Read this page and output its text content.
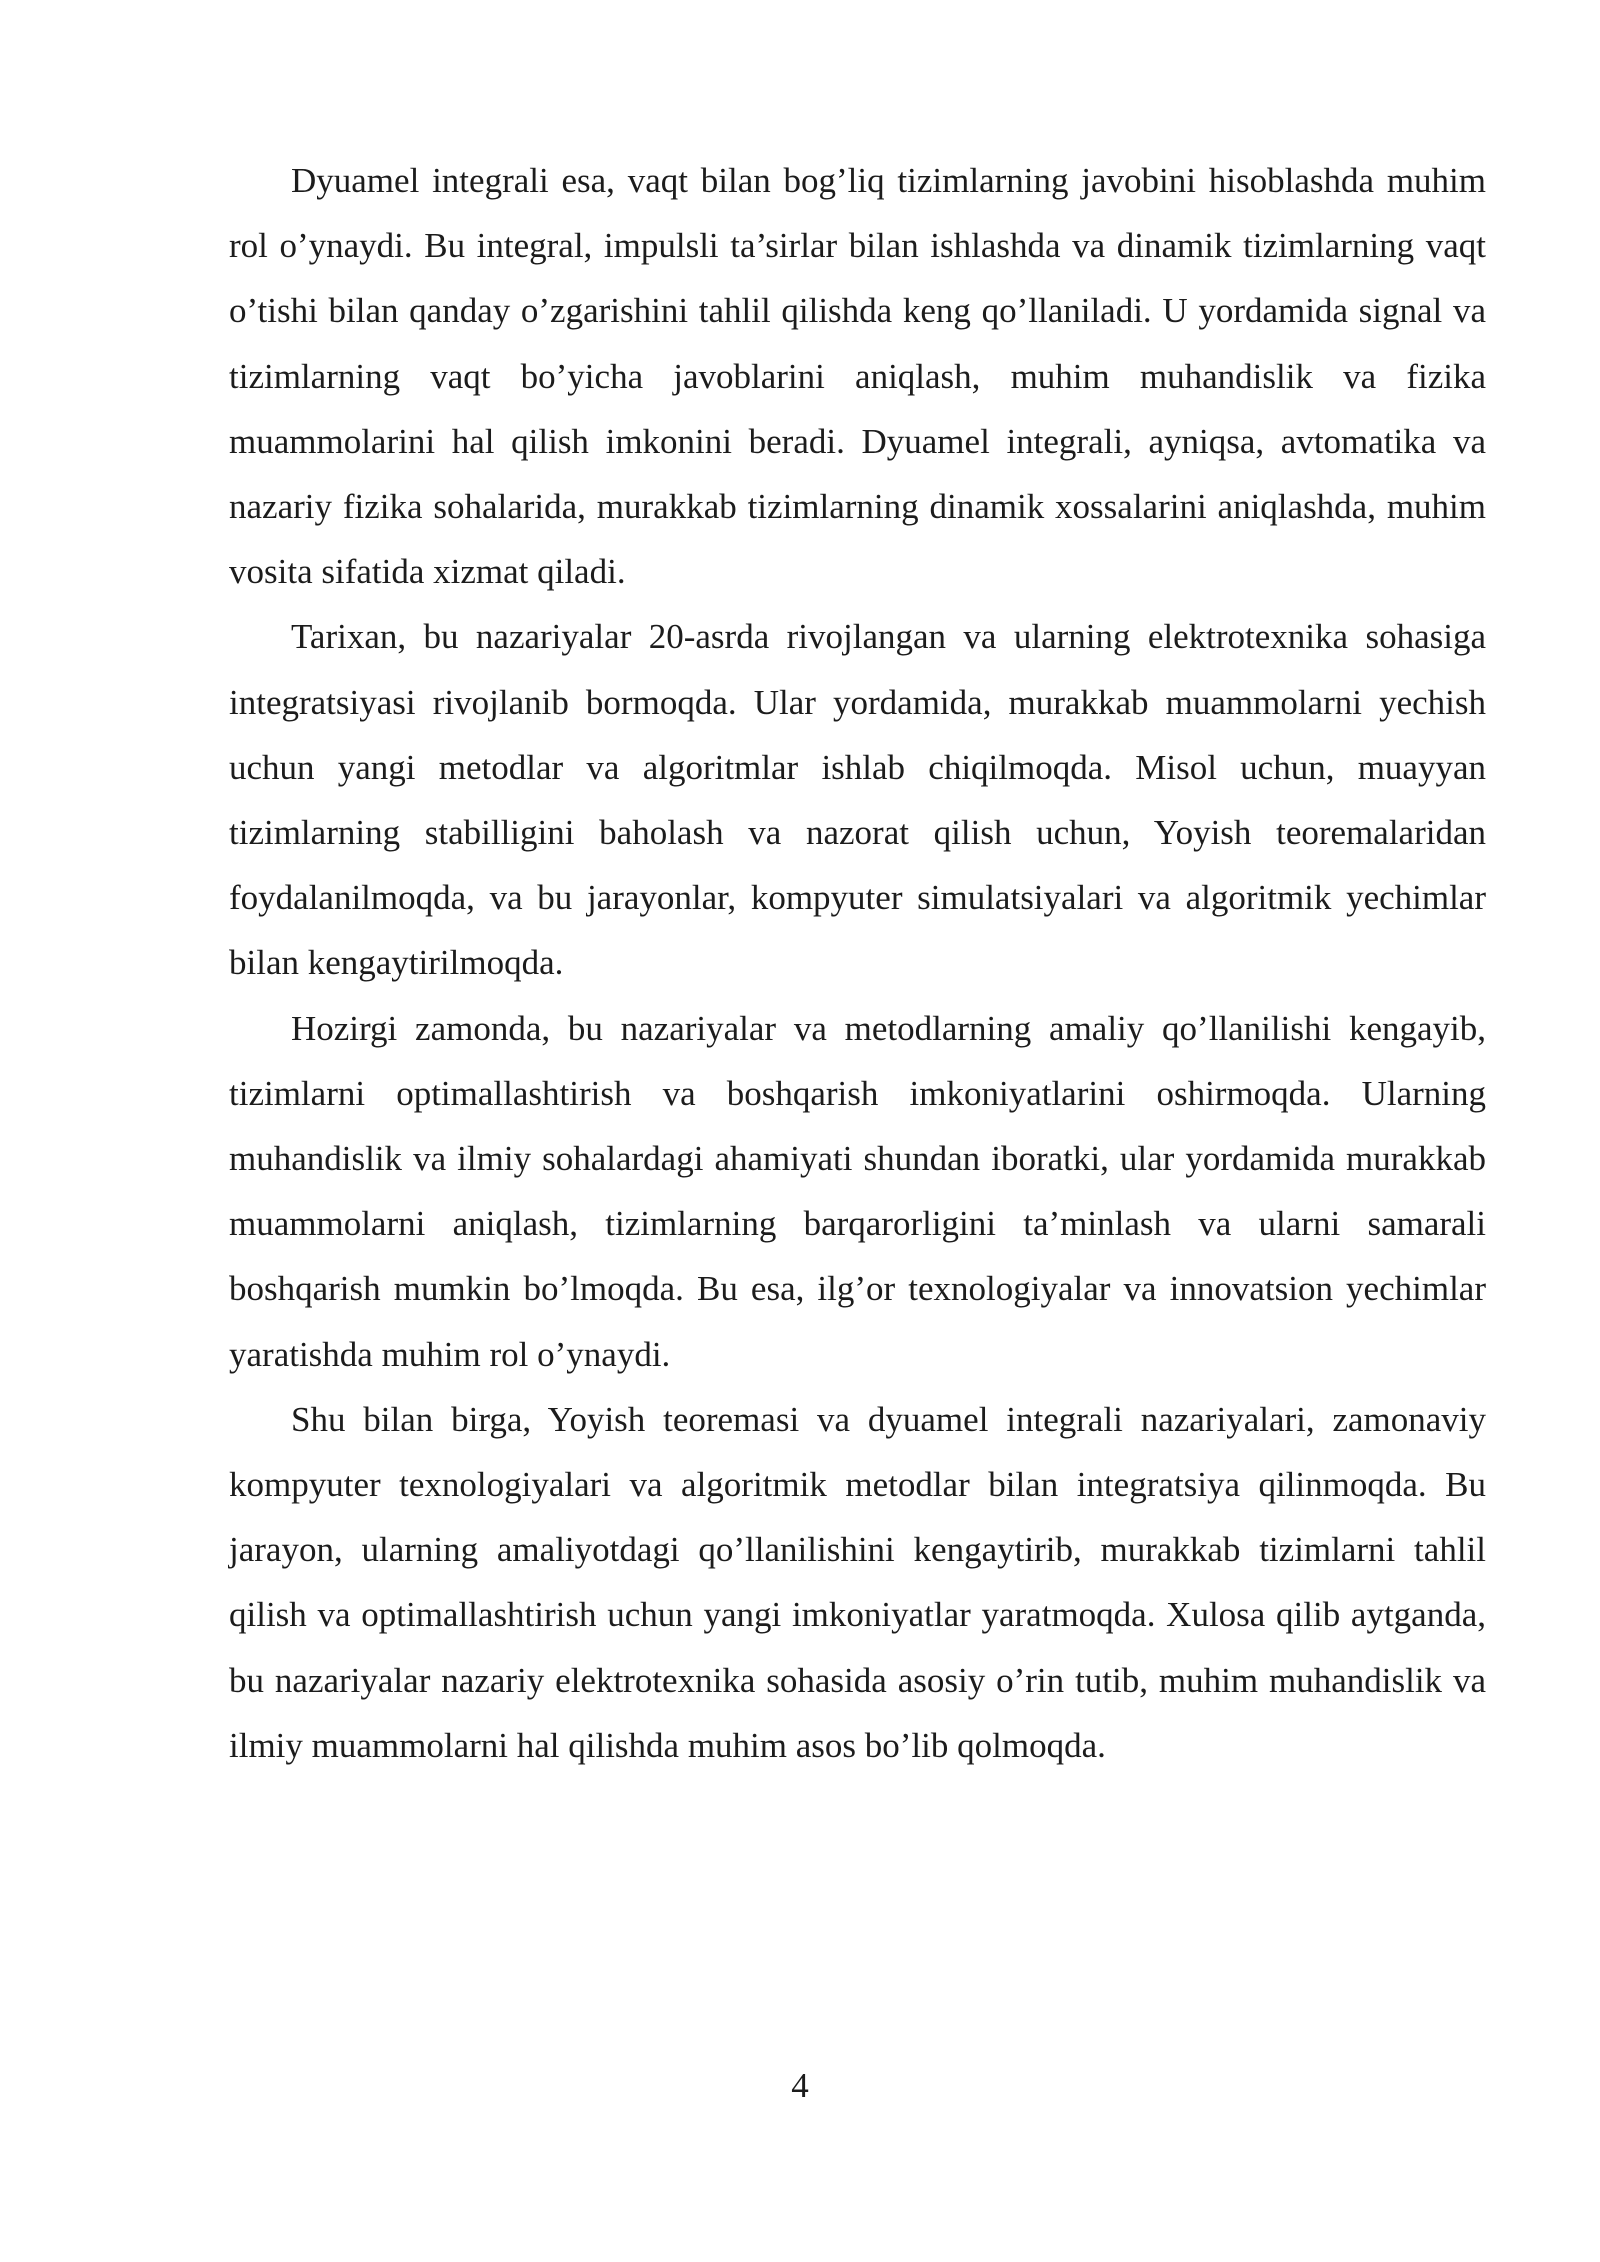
Dyuamel integrali esa, vaqt bilan bog’liq tizimlarning javobini hisoblashda muhim rol o’ynaydi. Bu integral, impulsli ta’sirlar bilan ishlashda va dinamik tizimlarning vaqt o’tishi bilan qanday o’zgarishini tahlil qilishda keng qo’llaniladi. U yordamida signal va tizimlarning vaqt bo’yicha javoblarini aniqlash, muhim muhandislik va fizika muammolarini hal qilish imkonini beradi. Dyuamel integrali, ayniqsa, avtomatika va nazariy fizika sohalarida, murakkab tizimlarning dinamik xossalarini aniqlashda, muhim vosita sifatida xizmat qiladi.

Tarixan, bu nazariyalar 20-asrda rivojlangan va ularning elektrotexnika sohasiga integratsiyasi rivojlanib bormoqda. Ular yordamida, murakkab muammolarni yechish uchun yangi metodlar va algoritmlar ishlab chiqilmoqda. Misol uchun, muayyan tizimlarning stabilligini baholash va nazorat qilish uchun, Yoyish teoremalaridan foydalanilmoqda, va bu jarayonlar, kompyuter simulatsiyalari va algoritmik yechimlar bilan kengaytirilmoqda.

Hozirgi zamonda, bu nazariyalar va metodlarning amaliy qo’llanilishi kengayib, tizimlarni optimallashtirish va boshqarish imkoniyatlarini oshirmoqda. Ularning muhandislik va ilmiy sohalardagi ahamiyati shundan iboratki, ular yordamida murakkab muammolarni aniqlash, tizimlarning barqarorligini ta’minlash va ularni samarali boshqarish mumkin bo’lmoqda. Bu esa, ilg’or texnologiyalar va innovatsion yechimlar yaratishda muhim rol o’ynaydi.

Shu bilan birga, Yoyish teoremasi va dyuamel integrali nazariyalari, zamonaviy kompyuter texnologiyalari va algoritmik metodlar bilan integratsiya qilinmoqda. Bu jarayon, ularning amaliyotdagi qo’llanilishini kengaytirib, murakkab tizimlarni tahlil qilish va optimallashtirish uchun yangi imkoniyatlar yaratmoqda. Xulosa qilib aytganda, bu nazariyalar nazariy elektrotexnika sohasida asosiy o’rin tutib, muhim muhandislik va ilmiy muammolarni hal qilishda muhim asos bo’lib qolmoqda.

4
